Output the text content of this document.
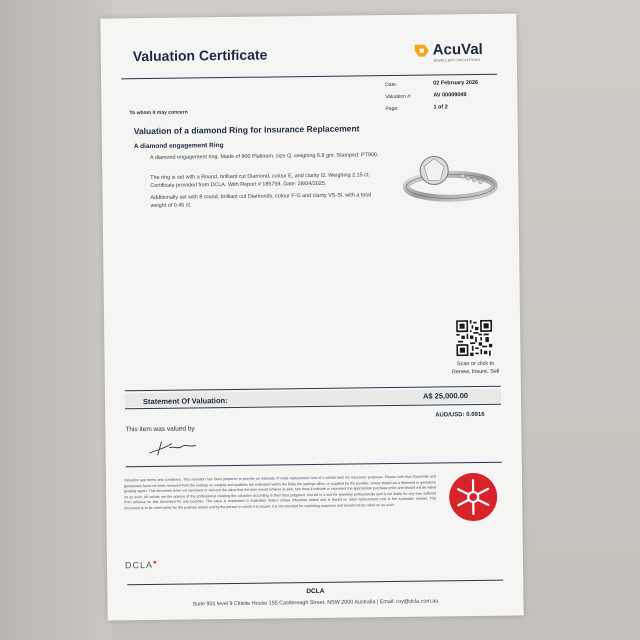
Valuation Certificate	AcuVal
JEWELLERY VALUATIONS
To whom it may concern
Date:	02 February 2026
Valuation #:	AV 00009049
Page:	1 of 2
Valuation of a diamond Ring for Insurance Replacement
A diamond engagement Ring
A diamond engagement ring. Made of 900 Platinum, size Q, weighing 6.8 gm. Stamped: PT900.
The ring is set with a Round, brilliant cut Diamond, colour E, and clarity I2. Weighing 2.15 ct. Certificate provided from DCLA. With Report # 185759. Date: 28/04/2025.
Additionally set with 8 round, brilliant cut Diamonds, colour F-G and clarity VS-SI. with a total weight of 0.45 ct.
Scan or click to
Renew, Insure, Sell
Statement Of Valuation:
A$ 25,000.00
AUD/USD: 0.6916
This item was valued by
Valuation app terms and conditions. This valuation has been prepared to provide an estimate of retail replacement cost of a similar item for insurance purposes. Please note that Diamonds and gemstones have not been removed from the settings so weights and qualities are estimated within the limits the settings allow, or supplied by the jeweller, unless stated via a diamond or gemstone grading report. This document does not represent or warrant the value that the item would achieve at sale. Nor does it indicate or represent the appropriate purchase price and should not be relied on as such. All values are the opinion of the professional creating the valuation according to their best judgment. AcuVal is a tool for jewellery professionals and is not liable for any loss suffered from reliance on this document for any purpose. The value is expressed in Australian dollars unless otherwise stated and is based on retail replacement cost in the Australian market. This document is to be used solely for the purpose stated and by the person to whom it is issued. It is not intended for marketing purposes and should not be relied on as such.
DCLA●
DCLA
Suite 901 level 9 Citisite House 155 Castlereagh Street, NSW 2000 Australia | Email: roy@dcla.com.au
